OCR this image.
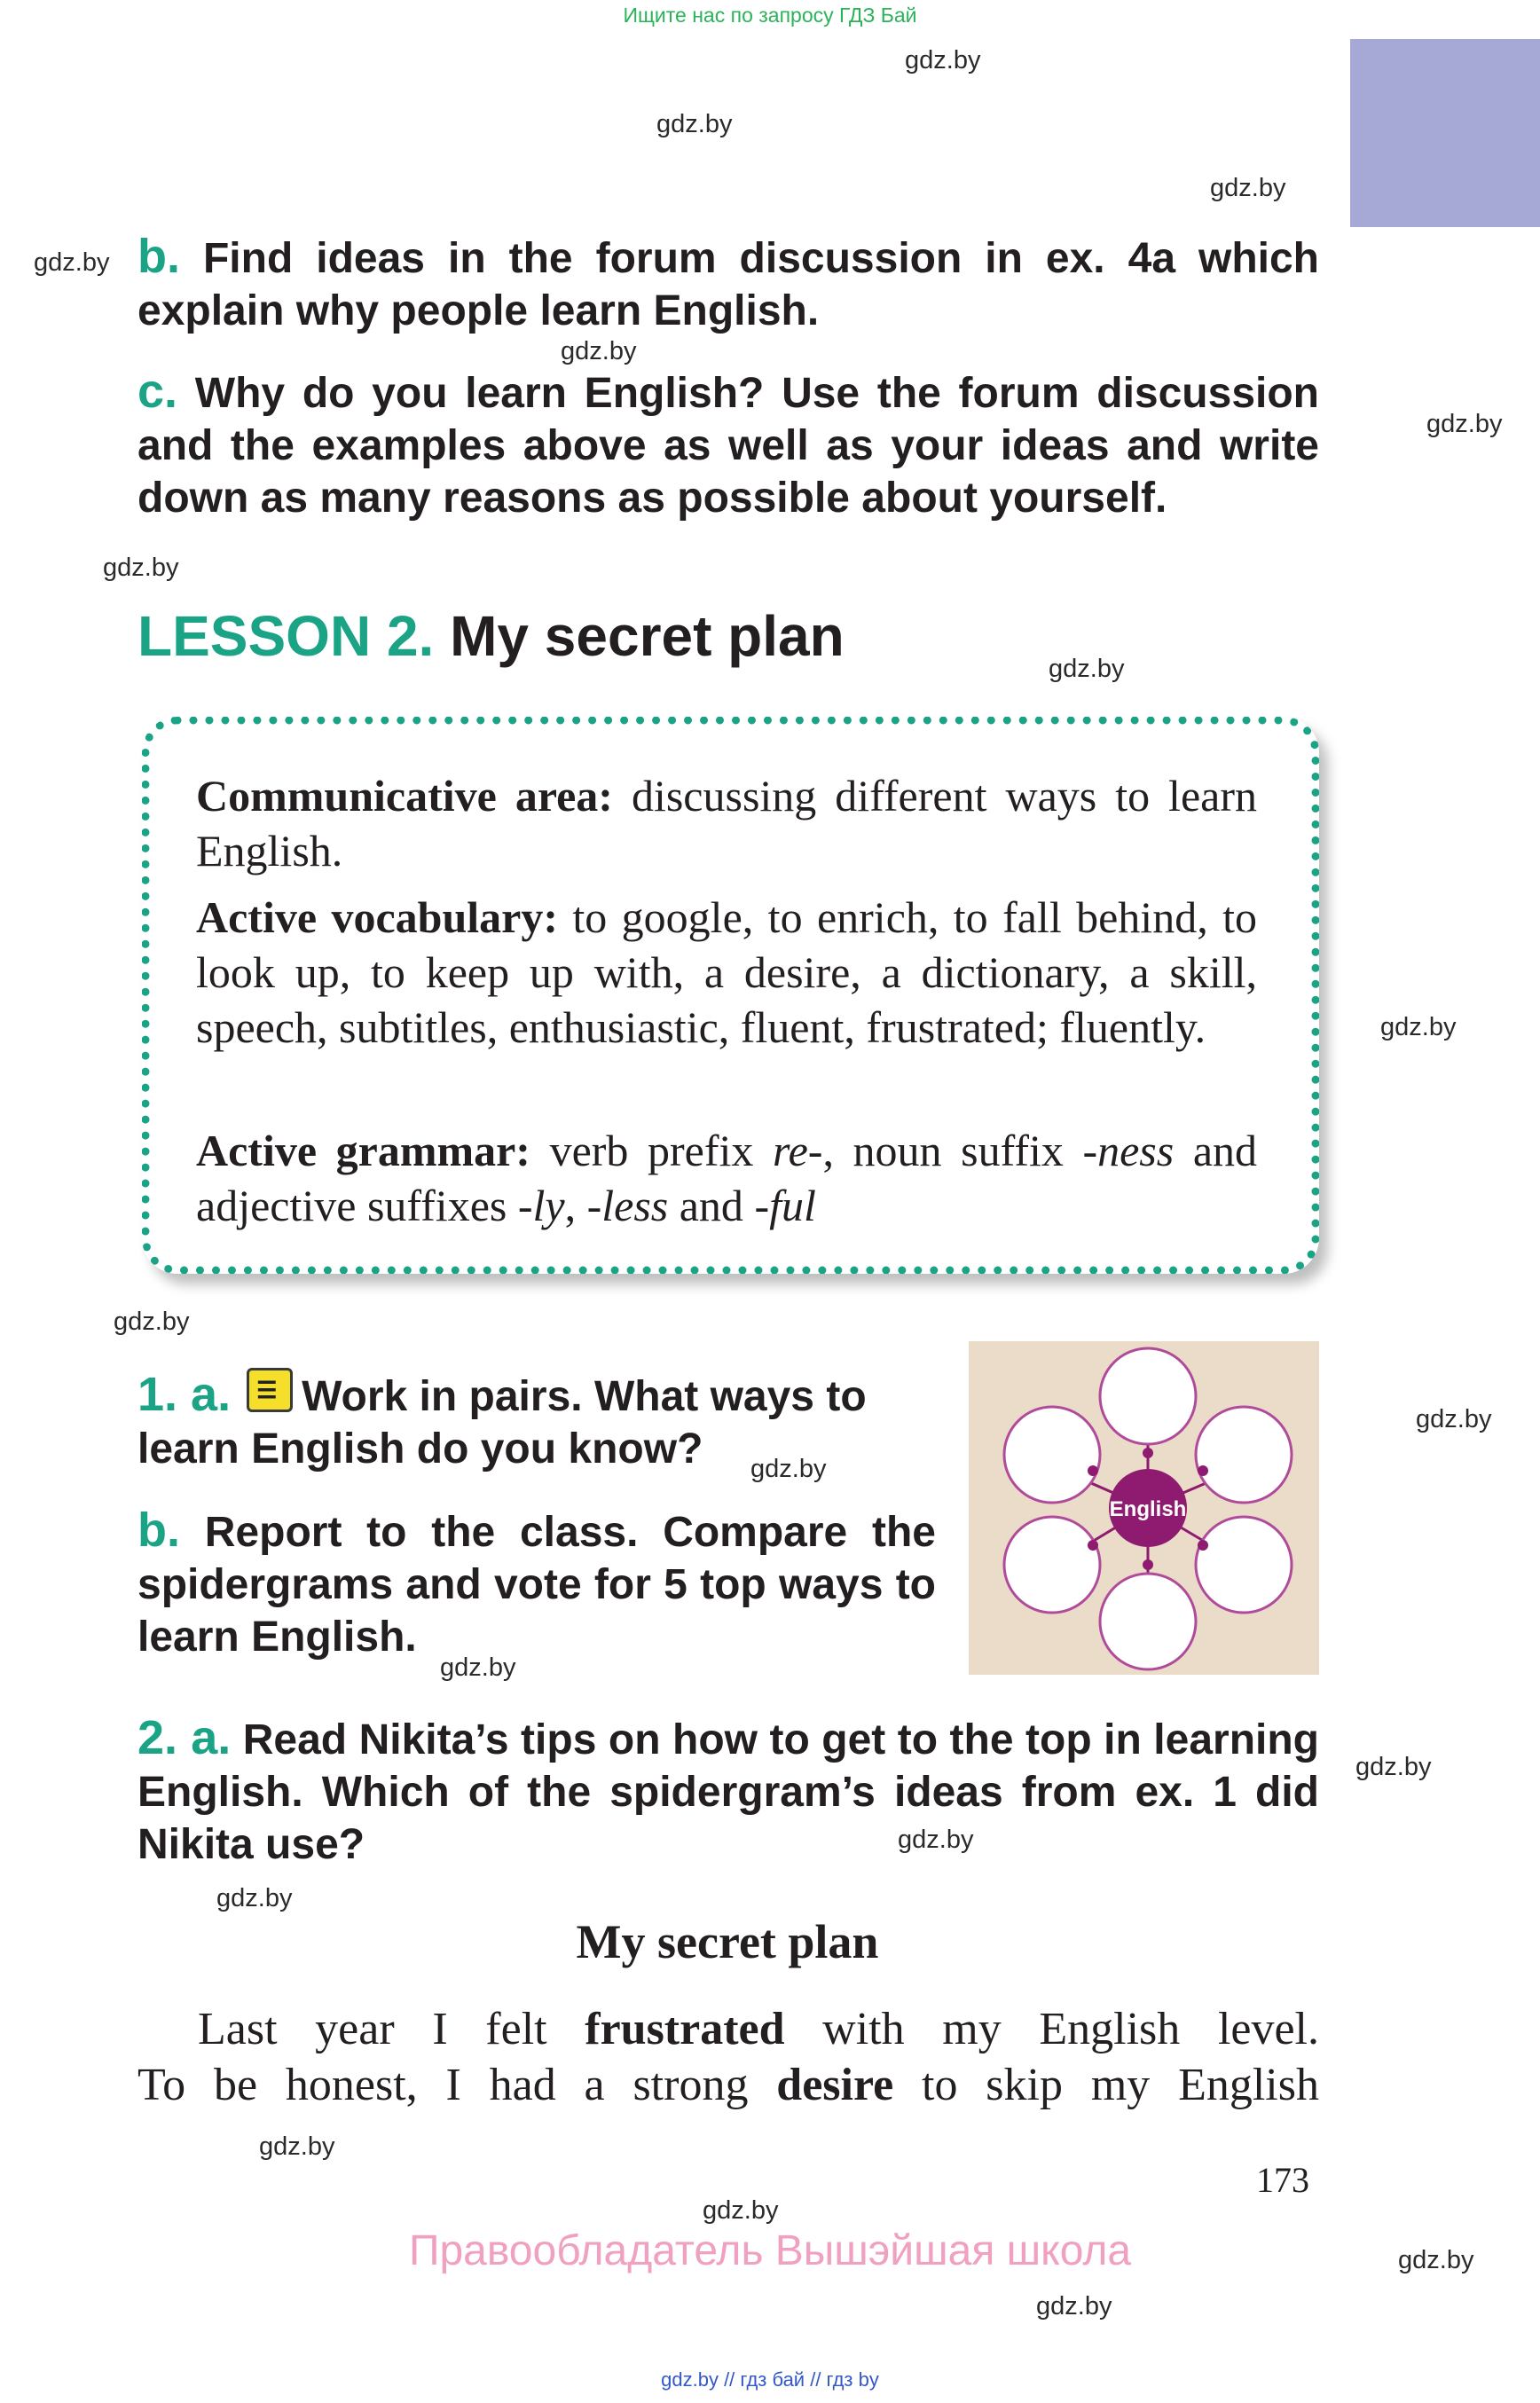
Ищите нас по запросу ГДЗ Бай
gdz.by
gdz.by
gdz.by
gdz.by
gdz.by
gdz.by
gdz.by
gdz.by
gdz.by
gdz.by
gdz.by
gdz.by
gdz.by
gdz.by
gdz.by
gdz.by
gdz.by
gdz.by
gdz.by
gdz.by
b. Find ideas in the forum discussion in ex. 4a which explain why people learn English.
c. Why do you learn English? Use the forum discussion and the examples above as well as your ideas and write down as many reasons as possible about yourself.
LESSON 2. My secret plan
Communicative area: discussing different ways to learn English.
Active vocabulary: to google, to enrich, to fall behind, to look up, to keep up with, a desire, a dictionary, a skill, speech, subtitles, enthusiastic, fluent, frustrated; fluently.
Active grammar: verb prefix re-, noun suffix -ness and adjective suffixes -ly, -less and -ful
1. a. ☰ Work in pairs. What ways to learn English do you know?
b. Report to the class. Compare the spidergrams and vote for 5 top ways to learn English.
English
2. a. Read Nikita’s tips on how to get to the top in learning English. Which of the spidergram’s ideas from ex. 1 did Nikita use?
My secret plan
Last year I felt frustrated with my English level.
To be honest, I had a strong desire to skip my English
173
Правообладатель Вышэйшая школа
gdz.by // гдз бай // гдз by
